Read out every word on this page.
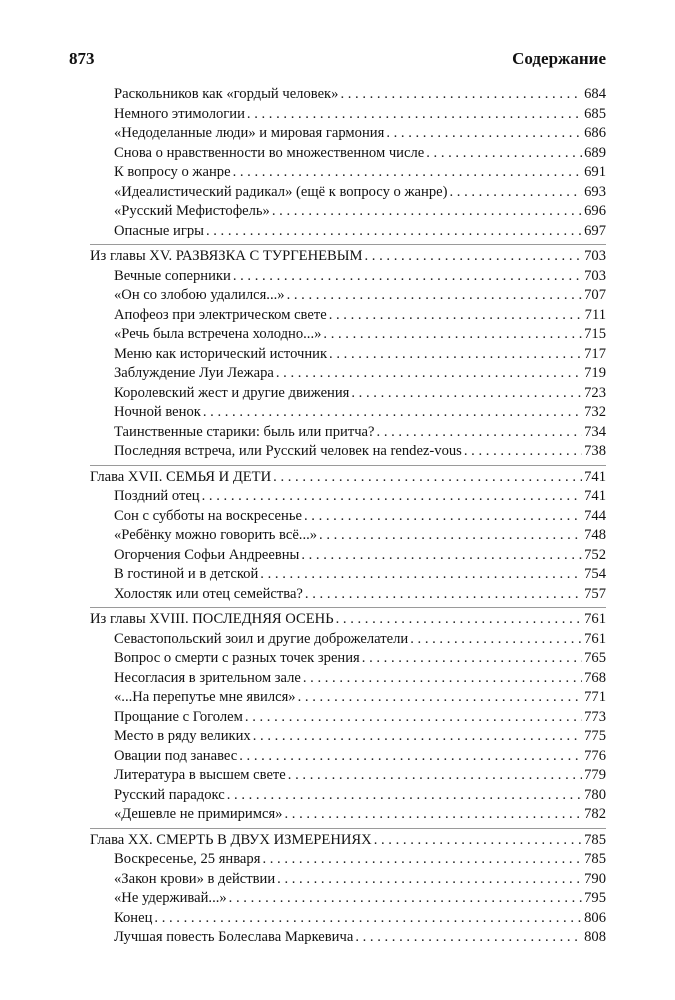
873	Содержание
Раскольников как «гордый человек» . . .	684
Немного этимологии . . .	685
«Недоделанные люди» и мировая гармония . . .	686
Снова о нравственности во множественном числе . . .	689
К вопросу о жанре . . .	691
«Идеалистический радикал» (ещё к вопросу о жанре) . . .	693
«Русский Мефистофель» . . .	696
Опасные игры . . .	697
Из главы XV. РАЗВЯЗКА С ТУРГЕНЕВЫМ . . .	703
Вечные соперники . . .	703
«Он со злобою удалился...» . . .	707
Апофеоз при электрическом свете . . .	711
«Речь была встречена холодно...» . . .	715
Меню как исторический источник . . .	717
Заблуждение Луи Лежара . . .	719
Королевский жест и другие движения . . .	723
Ночной венок . . .	732
Таинственные старики: быль или притча? . . .	734
Последняя встреча, или Русский человек на rendez-vous . . .	738
Глава XVII. СЕМЬЯ И ДЕТИ . . .	741
Поздний отец . . .	741
Сон с субботы на воскресенье . . .	744
«Ребёнку можно говорить всё...» . . .	748
Огорчения Софьи Андреевны . . .	752
В гостиной и в детской . . .	754
Холостяк или отец семейства? . . .	757
Из главы XVIII. ПОСЛЕДНЯЯ ОСЕНЬ . . .	761
Севастопольский зоил и другие доброжелатели . . .	761
Вопрос о смерти с разных точек зрения . . .	765
Несогласия в зрительном зале . . .	768
«...На перепутье мне явился» . . .	771
Прощание с Гоголем . . .	773
Место в ряду великих . . .	775
Овации под занавес . . .	776
Литература в высшем свете . . .	779
Русский парадокс . . .	780
«Дешевле не примиримся» . . .	782
Глава XX. СМЕРТЬ В ДВУХ ИЗМЕРЕНИЯХ . . .	785
Воскресенье, 25 января . . .	785
«Закон крови» в действии . . .	790
«Не удерживай...» . . .	795
Конец . . .	806
Лучшая повесть Болеслава Маркевича . . .	808
